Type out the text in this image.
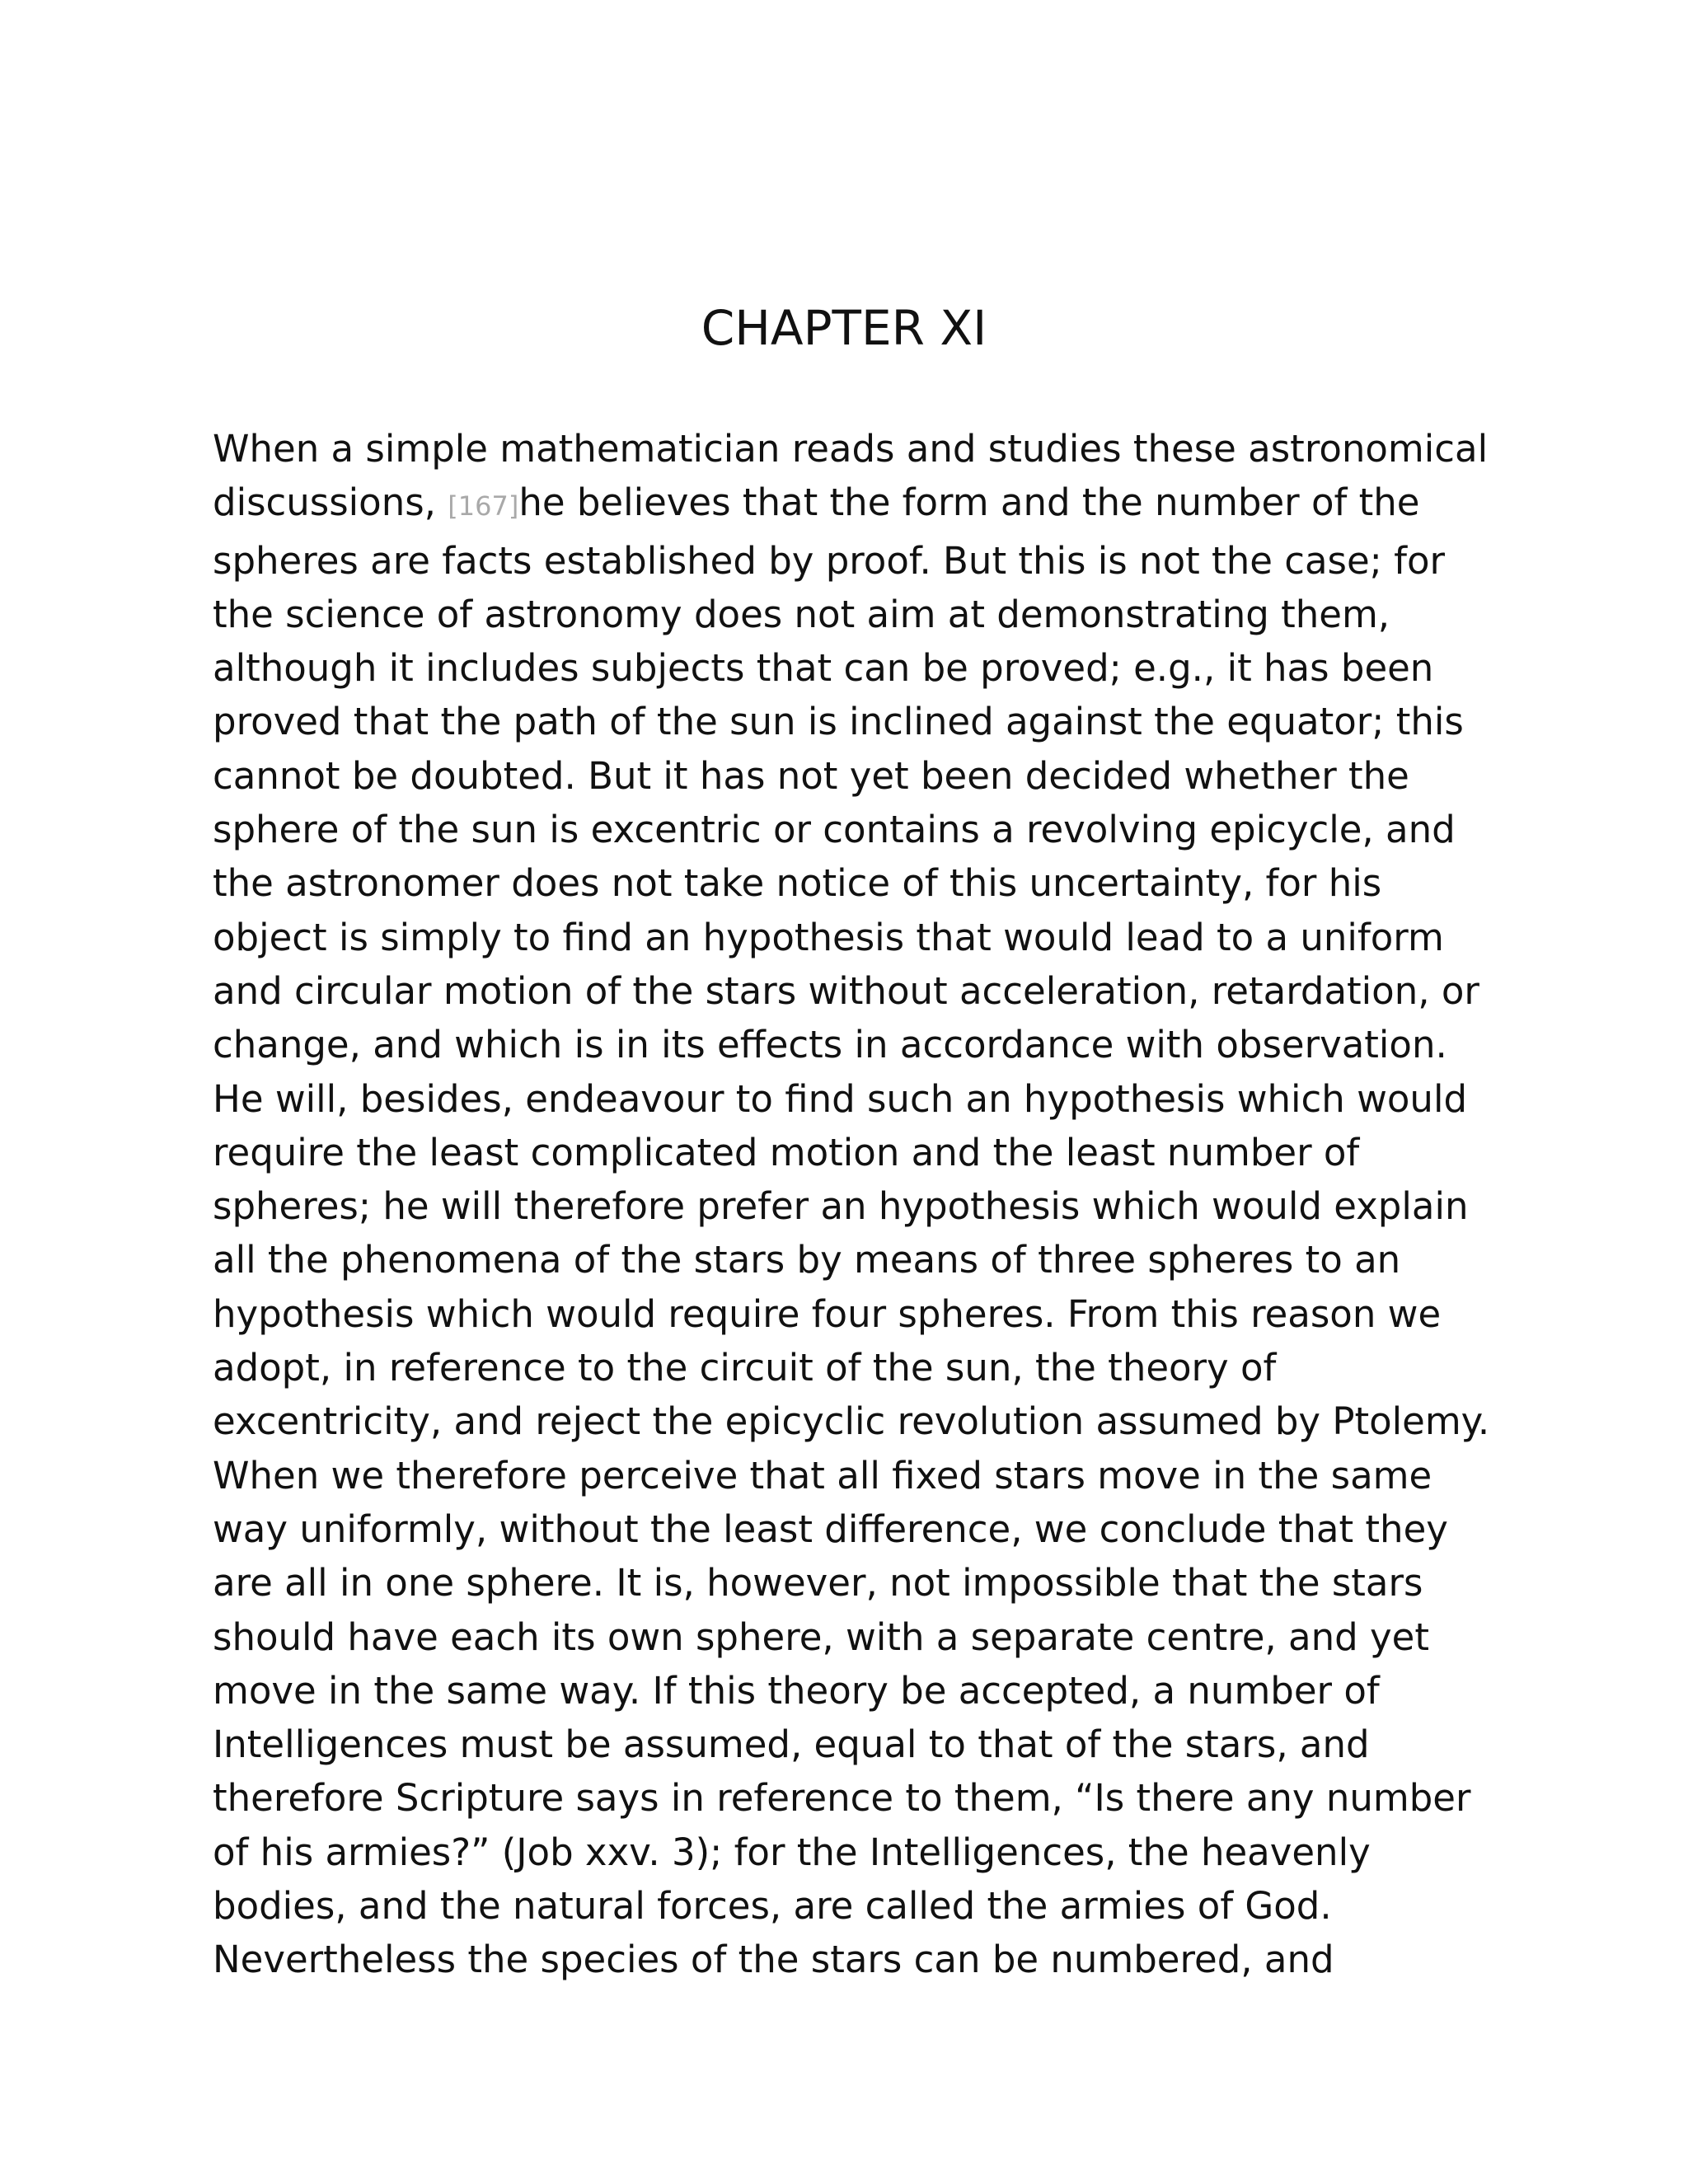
CHAPTER XI
When a simple mathematician reads and studies these astronomical
discussions, [167]he believes that the form and the number of the
spheres are facts established by proof. But this is not the case; for
the science of astronomy does not aim at demonstrating them,
although it includes subjects that can be proved; e.g., it has been
proved that the path of the sun is inclined against the equator; this
cannot be doubted. But it has not yet been decided whether the
sphere of the sun is excentric or contains a revolving epicycle, and
the astronomer does not take notice of this uncertainty, for his
object is simply to find an hypothesis that would lead to a uniform
and circular motion of the stars without acceleration, retardation, or
change, and which is in its effects in accordance with observation.
He will, besides, endeavour to find such an hypothesis which would
require the least complicated motion and the least number of
spheres; he will therefore prefer an hypothesis which would explain
all the phenomena of the stars by means of three spheres to an
hypothesis which would require four spheres. From this reason we
adopt, in reference to the circuit of the sun, the theory of
excentricity, and reject the epicyclic revolution assumed by Ptolemy.
When we therefore perceive that all fixed stars move in the same
way uniformly, without the least difference, we conclude that they
are all in one sphere. It is, however, not impossible that the stars
should have each its own sphere, with a separate centre, and yet
move in the same way. If this theory be accepted, a number of
Intelligences must be assumed, equal to that of the stars, and
therefore Scripture says in reference to them, “Is there any number
of his armies?” (Job xxv. 3); for the Intelligences, the heavenly
bodies, and the natural forces, are called the armies of God.
Nevertheless the species of the stars can be numbered, and
